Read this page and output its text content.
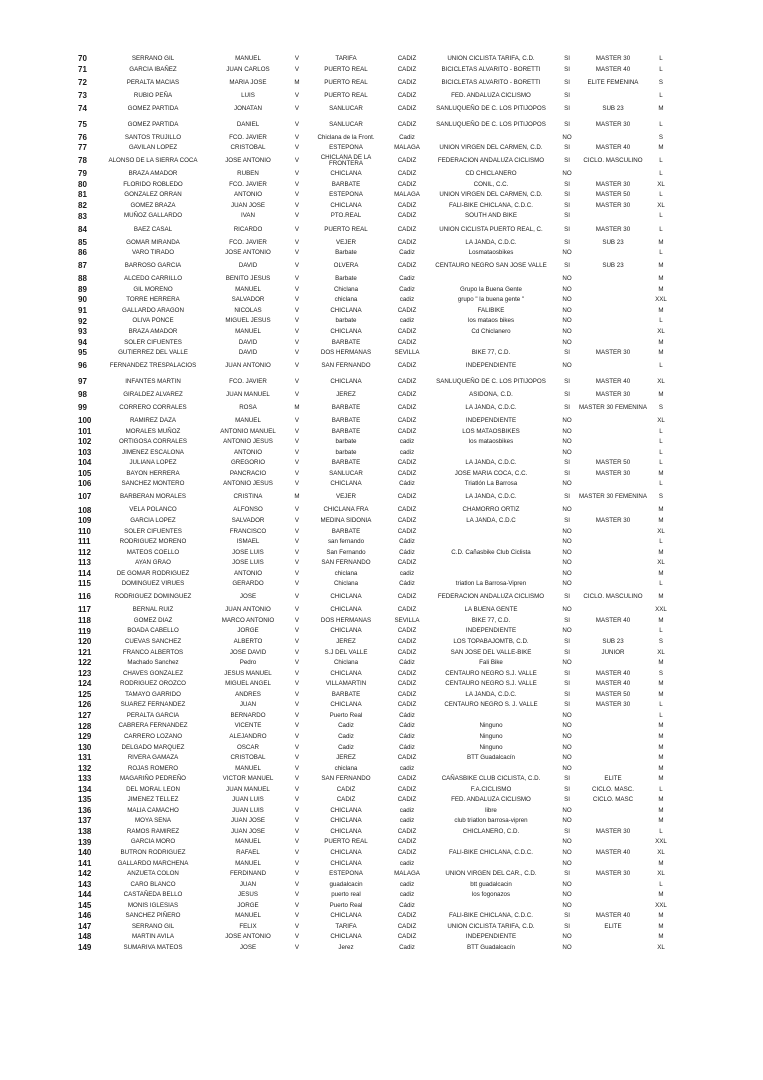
70	SERRANO GIL	MANUEL	V	TARIFA	CADIZ	UNION CICLISTA TARIFA, C.D.	SI	MASTER 30	L
71	GARCIA IBAÑEZ	JUAN CARLOS	V	PUERTO REAL	CADIZ	BICICLETAS ALVARITO - BORETTI	SI	MASTER 40	L
72	PERALTA MACIAS	MARIA JOSE	M	PUERTO REAL	CADIZ	BICICLETAS ALVARITO - BORETTI	SI	ELITE FEMENINA	S
73	RUBIO PEÑA	LUIS	V	PUERTO REAL	CADIZ	FED. ANDALUZA CICLISMO	SI		L
74	GOMEZ PARTIDA	JONATAN	V	SANLUCAR	CADIZ	SANLUQUEÑO DE C. LOS PITIJOPOS	SI	SUB 23	M
75	GOMEZ PARTIDA	DANIEL	V	SANLUCAR	CADIZ	SANLUQUEÑO DE C. LOS PITIJOPOS	SI	MASTER 30	L
76	SANTOS TRUJILLO	FCO. JAVIER	V	Chiclana de la Front.	Cadiz		NO		S
77	GAVILAN LOPEZ	CRISTOBAL	V	ESTEPONA	MALAGA	UNION VIRGEN DEL CARMEN, C.D.	SI	MASTER 40	M
78	ALONSO DE LA SIERRA COCA	JOSE ANTONIO	V	CHICLANA DE LA FRONTERA	CADIZ	FEDERACION ANDALUZA CICLISMO	SI	CICLO. MASCULINO	L
79	BRAZA AMADOR	RUBEN	V	CHICLANA	CADIZ	CD CHICLANERO	NO		L
80	FLORIDO ROBLEDO	FCO. JAVIER	V	BARBATE	CADIZ	CONIL, C.C.	SI	MASTER 30	XL
81	GONZALEZ ORRAN	ANTONIO	V	ESTEPONA	MALAGA	UNION VIRGEN DEL CARMEN, C.D.	SI	MASTER 50	L
82	GOMEZ BRAZA	JUAN JOSE	V	CHICLANA	CADIZ	FALI-BIKE CHICLANA, C.D.C.	SI	MASTER 30	XL
83	MUÑOZ GALLARDO	IVAN	V	PTO.REAL	CADIZ	SOUTH AND BIKE	SI		L
84	BAEZ CASAL	RICARDO	V	PUERTO REAL	CADIZ	UNION CICLISTA PUERTO REAL, C.	SI	MASTER 30	L
85	GOMAR MIRANDA	FCO. JAVIER	V	VEJER	CADIZ	LA JANDA, C.D.C.	SI	SUB 23	M
86	VARO TIRADO	JOSE ANTONIO	V	Barbate	Cadiz	Losmataosbikes	NO		L
87	BARROSO GARCIA	DAVID	V	OLVERA	CADIZ	CENTAURO NEGRO SAN JOSE VALLE	SI	SUB 23	M
88	ALCEDO CARRILLO	BENITO JESUS	V	Barbate	Cadiz		NO		M
89	GIL MORENO	MANUEL	V	Chiclana	Cadiz	Grupo la Buena Gente	NO		M
90	TORRE HERRERA	SALVADOR	V	chiclana	cadiz	grupo " la buena gente "	NO		XXL
91	GALLARDO ARAGON	NICOLAS	V	CHICLANA	CADIZ	FALIBIKE	NO		M
92	OLIVA PONCE	MIGUEL JESUS	V	barbate	cadiz	los mataos bikes	NO		L
93	BRAZA AMADOR	MANUEL	V	CHICLANA	CADIZ	Cd Chiclanero	NO		XL
94	SOLER CIFUENTES	DAVID	V	BARBATE	CADIZ		NO		M
95	GUTIERREZ DEL VALLE	DAVID	V	DOS HERMANAS	SEVILLA	BIKE 77, C.D.	SI	MASTER 30	M
96	FERNANDEZ TRESPALACIOS	JUAN ANTONIO	V	SAN FERNANDO	CADIZ	INDEPENDIENTE	NO		L
97	INFANTES MARTIN	FCO. JAVIER	V	CHICLANA	CADIZ	SANLUQUEÑO DE C. LOS PITIJOPOS	SI	MASTER 40	XL
98	GIRALDEZ ALVAREZ	JUAN MANUEL	V	JEREZ	CADIZ	ASIDONA, C.D.	SI	MASTER 30	M
99	CORRERO CORRALES	ROSA	M	BARBATE	CADIZ	LA JANDA, C.D.C.	SI	MASTER 30 FEMENINA	S
100	RAMIREZ DAZA	MANUEL	V	BARBATE	CADIZ	INDEPENDIENTE	NO		XL
101	MORALES MUÑOZ	ANTONIO MANUEL	V	BARBATE	CADIZ	LOS MATAOSBIKES	NO		L
102	ORTIGOSA CORRALES	ANTONIO JESUS	V	barbate	cadiz	los mataosbikes	NO		L
103	JIMENEZ ESCALONA	ANTONIO	V	barbate	cadiz		NO		L
104	JULIANA LOPEZ	GREGORIO	V	BARBATE	CADIZ	LA JANDA, C.D.C.	SI	MASTER 50	L
105	BAYON HERRERA	PANCRACIO	V	SANLUCAR	CADIZ	JOSE MARIA COCA, C.C.	SI	MASTER 30	M
106	SANCHEZ MONTERO	ANTONIO JESUS	V	CHICLANA	Cádiz	Triatlón La Barrosa	NO		L
107	BARBERAN MORALES	CRISTINA	M	VEJER	CADIZ	LA JANDA, C.D.C.	SI	MASTER 30 FEMENINA	S
108	VELA POLANCO	ALFONSO	V	CHICLANA FRA	CADIZ	CHAMORRO ORTIZ	NO		M
109	GARCIA LOPEZ	SALVADOR	V	MEDINA SIDONIA	CADIZ	LA JANDA, C.D.C	SI	MASTER 30	M
110	SOLER CIFUENTES	FRANCISCO	V	BARBATE	CADIZ		NO		XL
111	RODRIGUEZ MORENO	ISMAEL	V	san fernando	Cádiz		NO		L
112	MATEOS COELLO	JOSE LUIS	V	San Fernando	Cádiz	C.D. Cañasbike Club Ciclista	NO		M
113	AYAN GRAO	JOSE LUIS	V	SAN FERNANDO	CADIZ		NO		XL
114	DE GOMAR RODRIGUEZ	ANTONIO	V	chiclana	cadiz		NO		M
115	DOMINGUEZ VIRUES	GERARDO	V	Chiclana	Cádiz	triatlon La Barrosa-Vipren	NO		L
116	RODRIGUEZ DOMINGUEZ	JOSE	V	CHICLANA	CADIZ	FEDERACION ANDALUZA CICLISMO	SI	CICLO. MASCULINO	M
117	BERNAL RUIZ	JUAN ANTONIO	V	CHICLANA	CADIZ	LA BUENA GENTE	NO		XXL
118	GOMEZ DIAZ	MARCO ANTONIO	V	DOS HERMANAS	SEVILLA	BIKE 77, C.D.	SI	MASTER 40	M
119	BOADA CABELLO	JORGE	V	CHICLANA	CADIZ	INDEPENDIENTE	NO		L
120	CUEVAS SANCHEZ	ALBERTO	V	JEREZ	CADIZ	LOS TOPABAJOMTB, C.D.	SI	SUB 23	S
121	FRANCO ALBERTOS	JOSE DAVID	V	S.J DEL VALLE	CADIZ	SAN JOSE DEL VALLE-BIKE	SI	JUNIOR	XL
122	Machado Sanchez	Pedro	V	Chiclana	Cádiz	Fali Bike	NO		M
123	CHAVES GONZALEZ	JESUS MANUEL	V	CHICLANA	CADIZ	CENTAURO NEGRO S.J. VALLE	SI	MASTER 40	S
124	RODRIGUEZ OROZCO	MIGUEL ANGEL	V	VILLAMARTIN	CADIZ	CENTAURO NEGRO S.J. VALLE	SI	MASTER 40	M
125	TAMAYO GARRIDO	ANDRES	V	BARBATE	CADIZ	LA JANDA, C.D.C.	SI	MASTER 50	M
126	SUAREZ FERNANDEZ	JUAN	V	CHICLANA	CADIZ	CENTAURO NEGRO S. J. VALLE	SI	MASTER 30	L
127	PERALTA GARCIA	BERNARDO	V	Puerto Real	Cádiz		NO		L
128	CABRERA FERNANDEZ	VICENTE	V	Cadiz	Cádiz	Ninguno	NO		M
129	CARRERO LOZANO	ALEJANDRO	V	Cadiz	Cádiz	Ninguno	NO		M
130	DELGADO MARQUEZ	OSCAR	V	Cadiz	Cádiz	Ninguno	NO		M
131	RIVERA GAMAZA	CRISTOBAL	V	JEREZ	CADIZ	BTT Guadalcacín	NO		M
132	ROJAS ROMERO	MANUEL	V	chiclana	cadiz		NO		M
133	MAGARIÑO PEDREÑO	VICTOR MANUEL	V	SAN FERNANDO	CADIZ	CAÑASBIKE CLUB CICLISTA, C.D.	SI	ELITE	M
134	DEL MORAL LEON	JUAN MANUEL	V	CADIZ	CADIZ	F.A.CICLISMO	SI	CICLO. MASC.	L
135	JIMENEZ TELLEZ	JUAN LUIS	V	CADIZ	CADIZ	FED. ANDALUZA CICLISMO	SI	CICLO. MASC	M
136	MALIA CAMACHO	JUAN LUIS	V	CHICLANA	cadiz	libre	NO		M
137	MOYA SENA	JUAN JOSE	V	CHICLANA	cadiz	club triatlon barrosa-vipren	NO		M
138	RAMOS RAMIREZ	JUAN JOSE	V	CHICLANA	CADIZ	CHICLANERO, C.D.	SI	MASTER 30	L
139	GARCIA MORO	MANUEL	V	PUERTO REAL	CADIZ		NO		XXL
140	BUTRON RODRIGUEZ	RAFAEL	V	CHICLANA	CADIZ	FALI-BIKE CHICLANA, C.D.C.	NO	MASTER 40	XL
141	GALLARDO MARCHENA	MANUEL	V	CHICLANA	cadiz		NO		M
142	ANZUETA COLON	FERDINAND	V	ESTEPONA	MALAGA	UNION VIRGEN DEL CAR., C.D.	SI	MASTER 30	XL
143	CARO BLANCO	JUAN	V	guadalcacin	cadiz	btt guadalcacin	NO		L
144	CASTAÑEDA BELLO	JESUS	V	puerto real	cadiz	los fogonazos	NO		M
145	MONIS IGLESIAS	JORGE	V	Puerto Real	Cádiz		NO		XXL
146	SANCHEZ PIÑERO	MANUEL	V	CHICLANA	CADIZ	FALI-BIKE CHICLANA, C.D.C.	SI	MASTER 40	M
147	SERRANO GIL	FELIX	V	TARIFA	CADIZ	UNION CICLISTA TARIFA, C.D.	SI	ELITE	M
148	MARTIN AVILA	JOSE ANTONIO	V	CHICLANA	CADIZ	INDEPENDIENTE	NO		M
149	SUMARIVA MATEOS	JOSE	V	Jerez	Cadiz	BTT Guadalcacín	NO		XL
